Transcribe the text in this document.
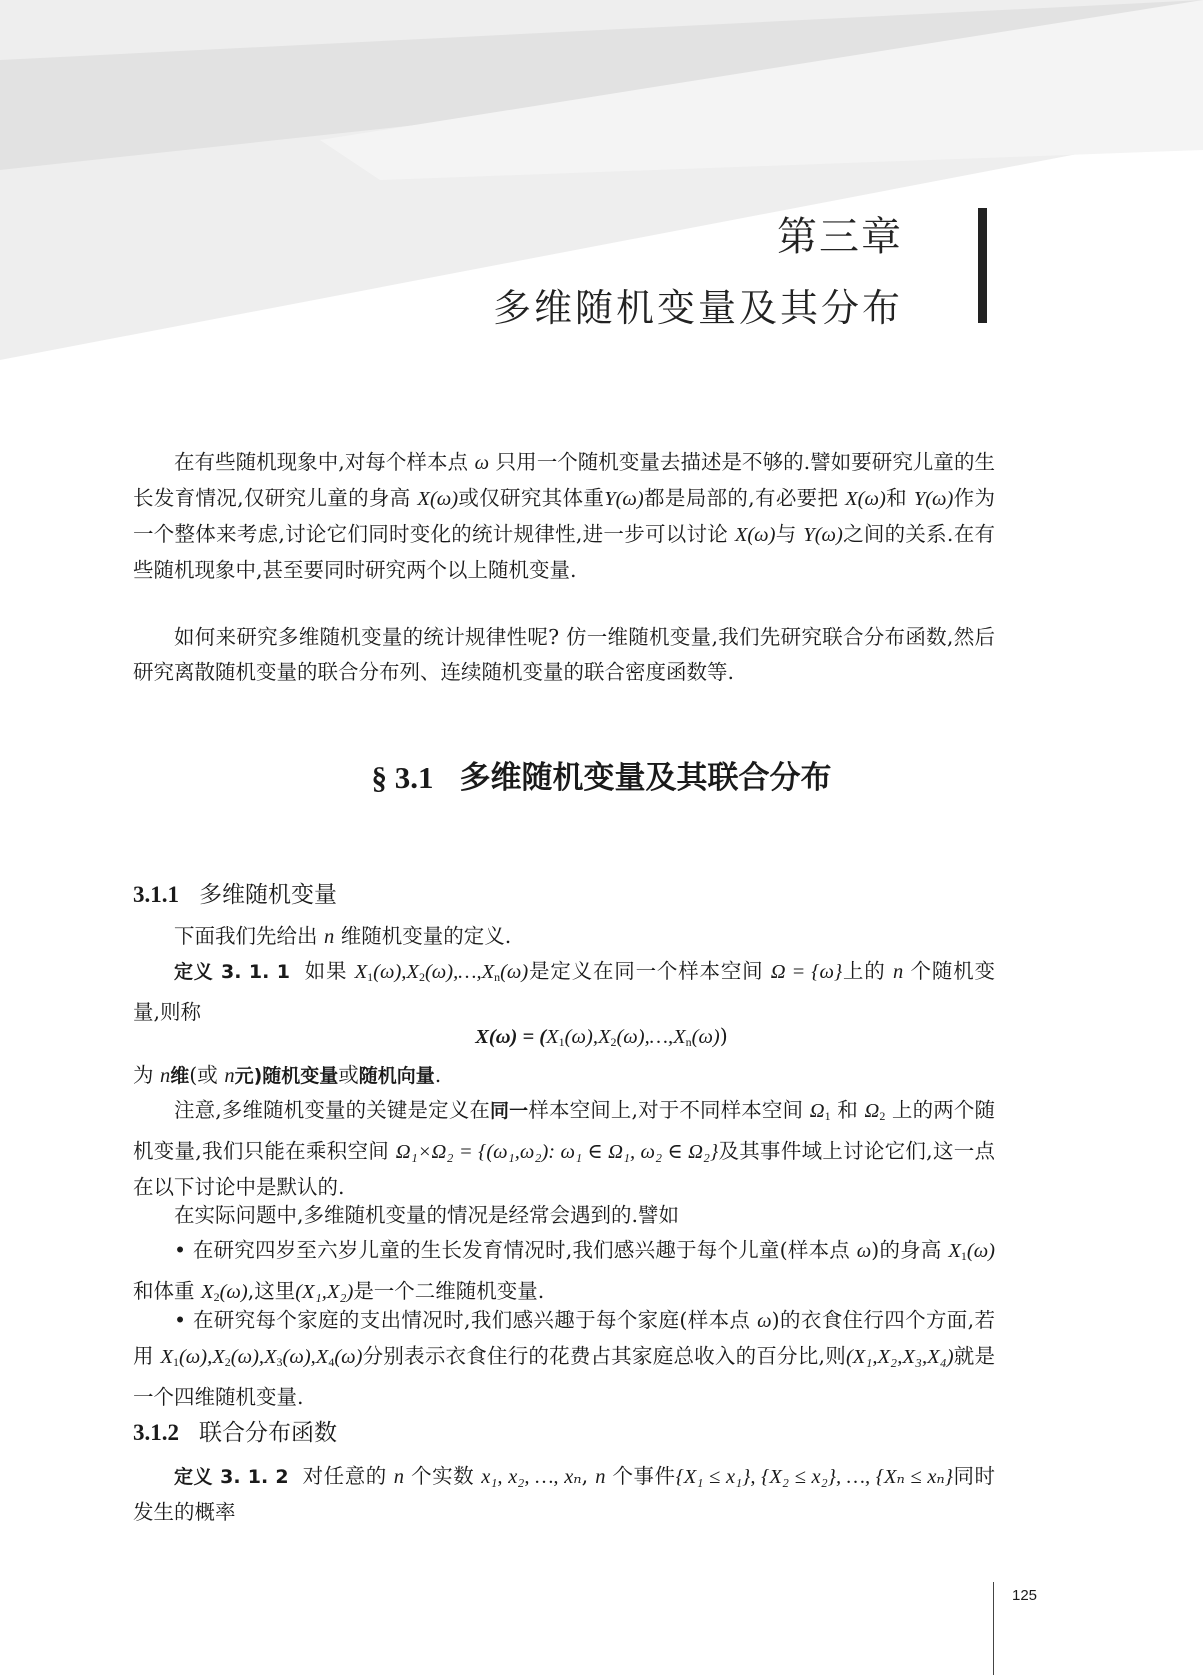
第三章
多维随机变量及其分布

在有些随机现象中,对每个样本点 ω 只用一个随机变量去描述是不够的.譬如要研究儿童的生长发育情况,仅研究儿童的身高 X(ω)或仅研究其体重Y(ω)都是局部的,有必要把 X(ω)和 Y(ω)作为一个整体来考虑,讨论它们同时变化的统计规律性,进一步可以讨论 X(ω)与 Y(ω)之间的关系.在有些随机现象中,甚至要同时研究两个以上随机变量.

如何来研究多维随机变量的统计规律性呢? 仿一维随机变量,我们先研究联合分布函数,然后研究离散随机变量的联合分布列、连续随机变量的联合密度函数等.

§ 3.1 多维随机变量及其联合分布
3.1.1 多维随机变量

下面我们先给出 n 维随机变量的定义.

定义 3. 1. 1 如果 $X_1(\omega),X_2(\omega),\dots,X_n(\omega)$是定义在同一个样本空间 Ω = {ω}上的 n 个随机变量,则称

$X(\omega) = (X_1(\omega),X_2(\omega),\dots,X_n(\omega))$

为 n维(或 n元)随机变量或随机向量.

注意,多维随机变量的关键是定义在同一样本空间上,对于不同样本空间 $\Omega_1$ 和 $\Omega_2$ 上的两个随机变量,我们只能在乘积空间 Ω₁×Ω₂ = {(ω₁,ω₂): ω₁ ∈ Ω₁, ω₂ ∈ Ω₂}及其事件域上讨论它们,这一点在以下讨论中是默认的.

在实际问题中,多维随机变量的情况是经常会遇到的.譬如

• 在研究四岁至六岁儿童的生长发育情况时,我们感兴趣于每个儿童(样本点 ω)的身高 $X_1(\omega)$和体重 $X_2(\omega)$,这里(X₁,X₂)是一个二维随机变量.

• 在研究每个家庭的支出情况时,我们感兴趣于每个家庭(样本点 ω)的衣食住行四个方面,若用 $X_1(\omega),X_2(\omega),X_3(\omega),X_4(\omega)$分别表示衣食住行的花费占其家庭总收入的百分比,则(X₁,X₂,X₃,X₄)就是一个四维随机变量.

3.1.2 联合分布函数

定义 3. 1. 2 对任意的 n 个实数 x₁, x₂, …, xₙ, n 个事件{X₁ ≤ x₁}, {X₂ ≤ x₂}, …, {Xₙ ≤ xₙ}同时发生的概率

125
